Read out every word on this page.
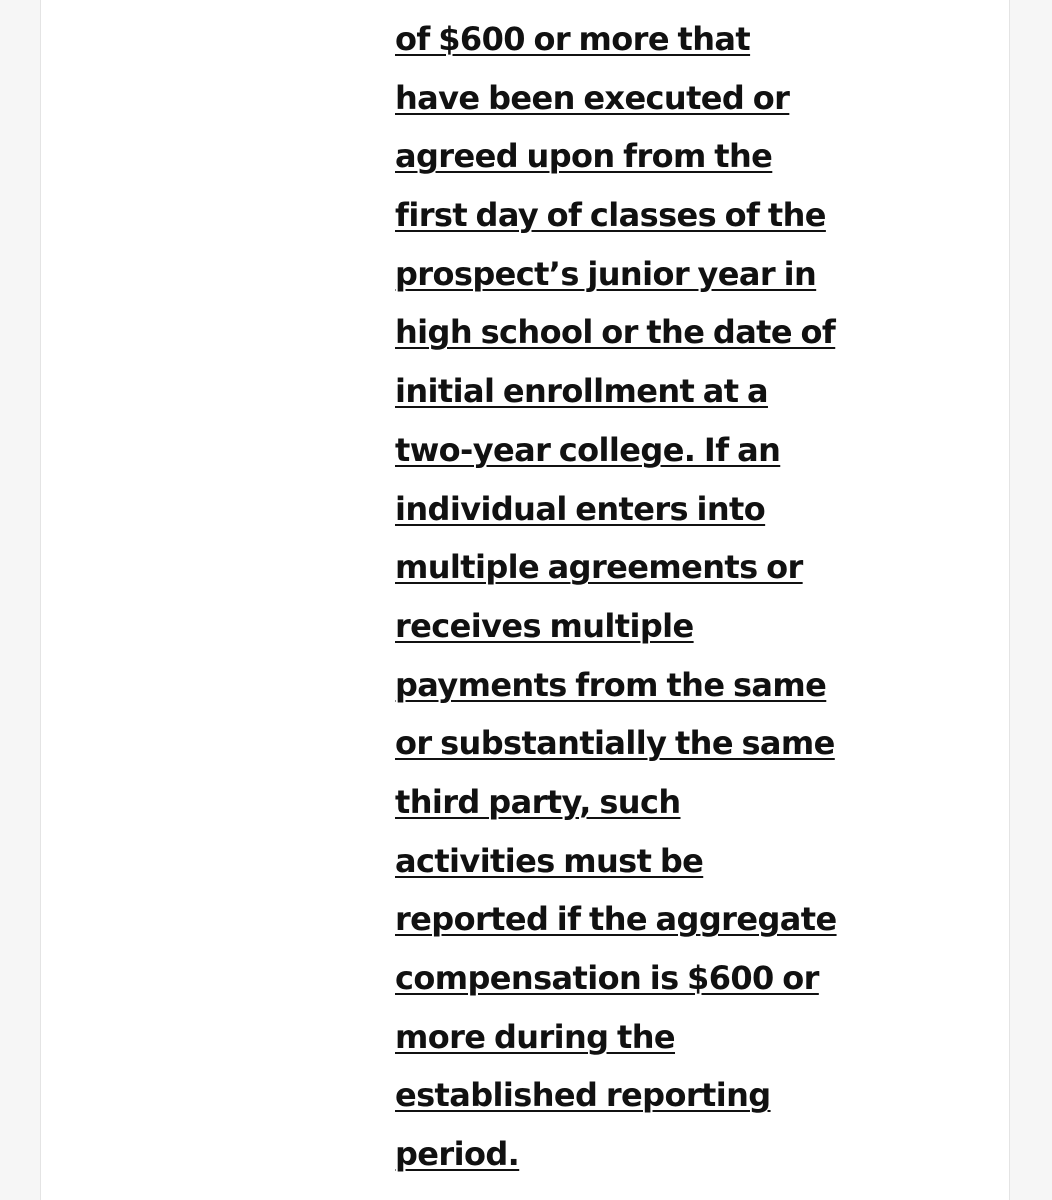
of $600 or more that
have been executed or
agreed upon from the
first day of classes of the
prospect’s junior year in
high school or the date of
initial enrollment at a
two-year college. If an
individual enters into
multiple agreements or
receives multiple
payments from the same
or substantially the same
third party, such
activities must be
reported if the aggregate
compensation is $600 or
more during the
established reporting
period.
